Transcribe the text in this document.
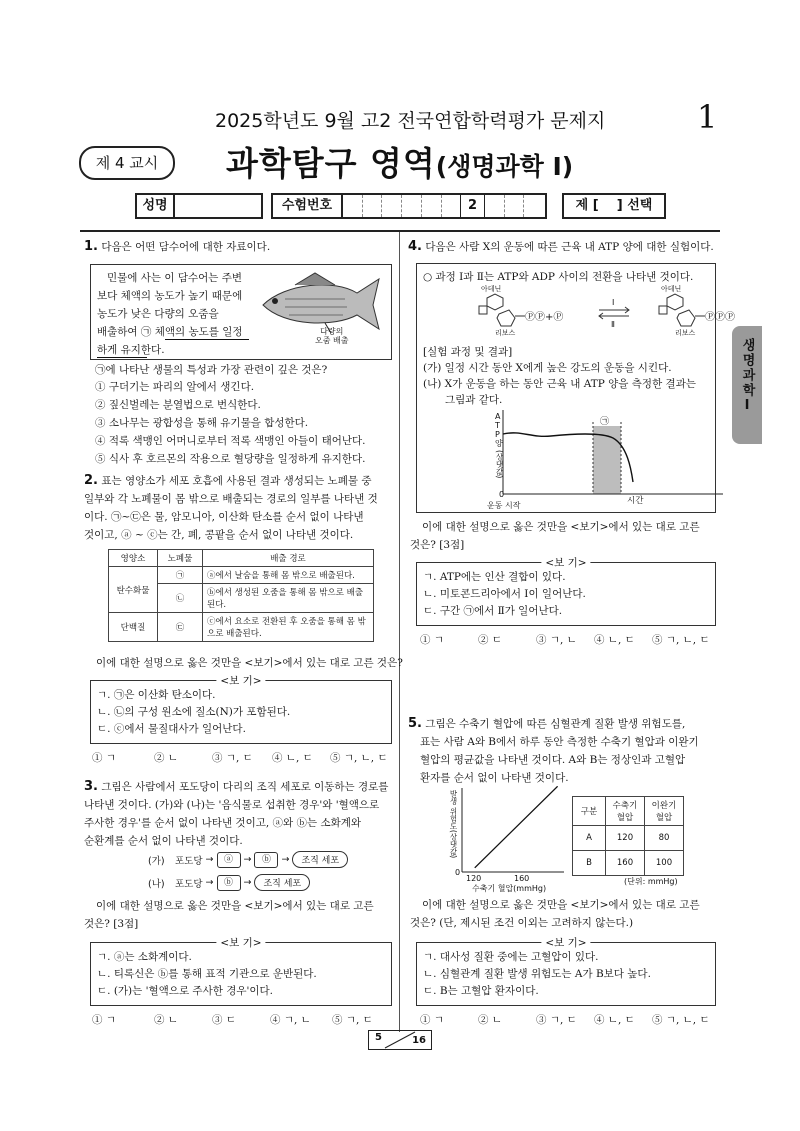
2025학년도 9월 고2 전국연합학력평가 문제지	1
제 4 교시	과학탐구 영역(생명과학 Ⅰ)
성명	수험번호	2	제 [    ] 선택
생명과학Ⅰ
1. 다음은 어떤 담수어에 대한 자료이다.
민물에 사는 이 담수어는 주변
보다 체액의 농도가 높기 때문에
농도가 낮은 다량의 오줌을
배출하여 ㉠ 체액의 농도를 일정
하게 유지한다.
다량의
오줌 배출
㉠에 나타난 생물의 특성과 가장 관련이 깊은 것은?
① 구더기는 파리의 알에서 생긴다.
② 짚신벌레는 분열법으로 번식한다.
③ 소나무는 광합성을 통해 유기물을 합성한다.
④ 적록 색맹인 어머니로부터 적록 색맹인 아들이 태어난다.
⑤ 식사 후 호르몬의 작용으로 혈당량을 일정하게 유지한다.
2. 표는 영양소가 세포 호흡에 사용된 결과 생성되는 노폐물 중
일부와 각 노폐물이 몸 밖으로 배출되는 경로의 일부를 나타낸 것
이다. ㉠~㉢은 물, 암모니아, 이산화 탄소를 순서 없이 나타낸
것이고, ⓐ ~ ⓒ는 간, 폐, 콩팥을 순서 없이 나타낸 것이다.
영양소	노폐물	배출 경로
탄수화물	㉠	ⓐ에서 날숨을 통해 몸 밖으로 배출된다.
	㉡	ⓑ에서 생성된 오줌을 통해 몸 밖으로 배출된다.
단백질	㉢	ⓒ에서 요소로 전환된 후 오줌을 통해 몸 밖으로 배출된다.
이에 대한 설명으로 옳은 것만을 <보기>에서 있는 대로 고른 것은?
<보 기>
ㄱ. ㉠은 이산화 탄소이다.
ㄴ. ㉡의 구성 원소에 질소(N)가 포함된다.
ㄷ. ⓒ에서 물질대사가 일어난다.
① ㄱ	② ㄴ	③ ㄱ, ㄷ	④ ㄴ, ㄷ	⑤ ㄱ, ㄴ, ㄷ
3. 그림은 사람에서 포도당이 다리의 조직 세포로 이동하는 경로를
나타낸 것이다. (가)와 (나)는 '음식물로 섭취한 경우'와 '혈액으로
주사한 경우'를 순서 없이 나타낸 것이고, ⓐ와 ⓑ는 소화계와
순환계를 순서 없이 나타낸 것이다.
(가)	포도당 →	ⓐ	→	ⓑ	→	조직 세포
(나)	포도당 →	ⓑ	→	조직 세포
이에 대한 설명으로 옳은 것만을 <보기>에서 있는 대로 고른
것은? [3점]
<보 기>
ㄱ. ⓐ는 소화계이다.
ㄴ. 티록신은 ⓑ를 통해 표적 기관으로 운반된다.
ㄷ. (가)는 '혈액으로 주사한 경우'이다.
① ㄱ	② ㄴ	③ ㄷ	④ ㄱ, ㄴ	⑤ ㄱ, ㄷ
4. 다음은 사람 X의 운동에 따른 근육 내 ATP 양에 대한 실험이다.
○ 과정 Ⅰ과 Ⅱ는 ATP와 ADP 사이의 전환을 나타낸 것이다.
아데닌
리보스
ⓅⓅ+Ⓟ
Ⅰ
Ⅱ
아데닌
리보스
ⓅⓅⓅ
[실험 과정 및 결과]
(가) 일정 시간 동안 X에게 높은 강도의 운동을 시킨다.
(나) X가 운동을 하는 동안 근육 내 ATP 양을 측정한 결과는
그림과 같다.
A
T
P
양
(상댓값)
0
운동 시작	시간
㉠
이에 대한 설명으로 옳은 것만을 <보기>에서 있는 대로 고른
것은? [3점]
<보 기>
ㄱ. ATP에는 인산 결합이 있다.
ㄴ. 미토콘드리아에서 Ⅰ이 일어난다.
ㄷ. 구간 ㉠에서 Ⅱ가 일어난다.
① ㄱ	② ㄷ	③ ㄱ, ㄴ	④ ㄴ, ㄷ	⑤ ㄱ, ㄴ, ㄷ
5. 그림은 수축기 혈압에 따른 심혈관계 질환 발생 위험도를,
표는 사람 A와 B에서 하루 동안 측정한 수축기 혈압과 이완기
혈압의 평균값을 나타낸 것이다. A와 B는 정상인과 고혈압
환자를 순서 없이 나타낸 것이다.
발생 위험도(상댓값)
0
120	160
수축기 혈압(mmHg)
구분	수축기 혈압	이완기 혈압
A	120	80
B	160	100
(단위: mmHg)
이에 대한 설명으로 옳은 것만을 <보기>에서 있는 대로 고른
것은? (단, 제시된 조건 이외는 고려하지 않는다.)
<보 기>
ㄱ. 대사성 질환 중에는 고혈압이 있다.
ㄴ. 심혈관계 질환 발생 위험도는 A가 B보다 높다.
ㄷ. B는 고혈압 환자이다.
① ㄱ	② ㄴ	③ ㄱ, ㄷ	④ ㄴ, ㄷ	⑤ ㄱ, ㄴ, ㄷ
5	16
